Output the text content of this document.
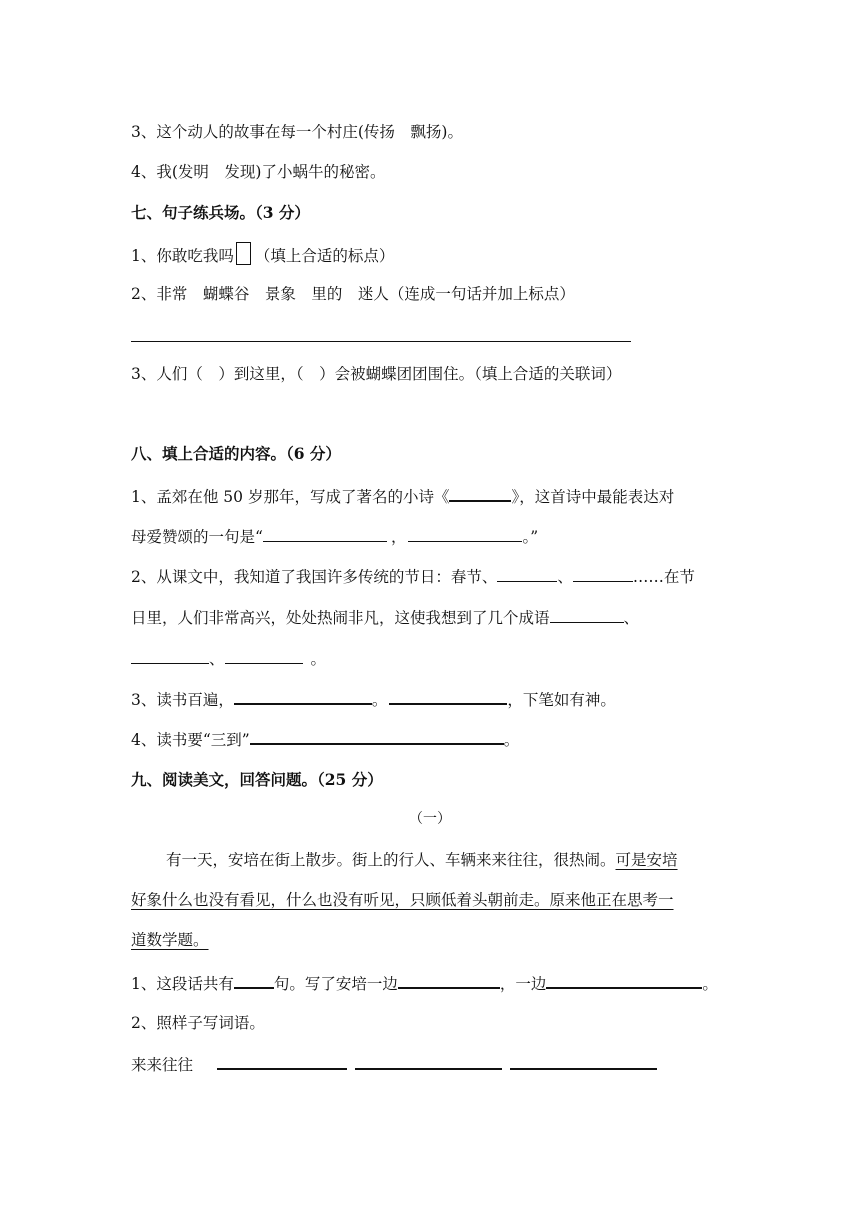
3、这个动人的故事在每一个村庄(传扬　飘扬)。
4、我(发明　发现)了小蜗牛的秘密。
七、句子练兵场。（3 分）
1、你敢吃我吗 （填上合适的标点）
2、非常　蝴蝶谷　景象　里的　迷人（连成一句话并加上标点）
3、人们（　）到这里，（　）会被蝴蝶团团围住。（填上合适的关联词）
八、填上合适的内容。（6 分）
1、孟郊在他 50 岁那年，写成了著名的小诗《	》，这首诗中最能表达对
母爱赞颂的一句是“	，	。”
2、从课文中，我知道了我国许多传统的节日：春节、	、	……在节
日里，人们非常高兴，处处热闹非凡，这使我想到了几个成语	、
、	。
3、读书百遍，	。	，下笔如有神。
4、读书要“三到”	。
九、阅读美文，回答问题。（25 分）
（一）
有一天，安培在街上散步。街上的行人、车辆来来往往，很热闹。可是安培
好象什么也没有看见，什么也没有听见，只顾低着头朝前走。原来他正在思考一
道数学题。
1、这段话共有	句。写了安培一边	，一边	。
2、照样子写词语。
来来往往
